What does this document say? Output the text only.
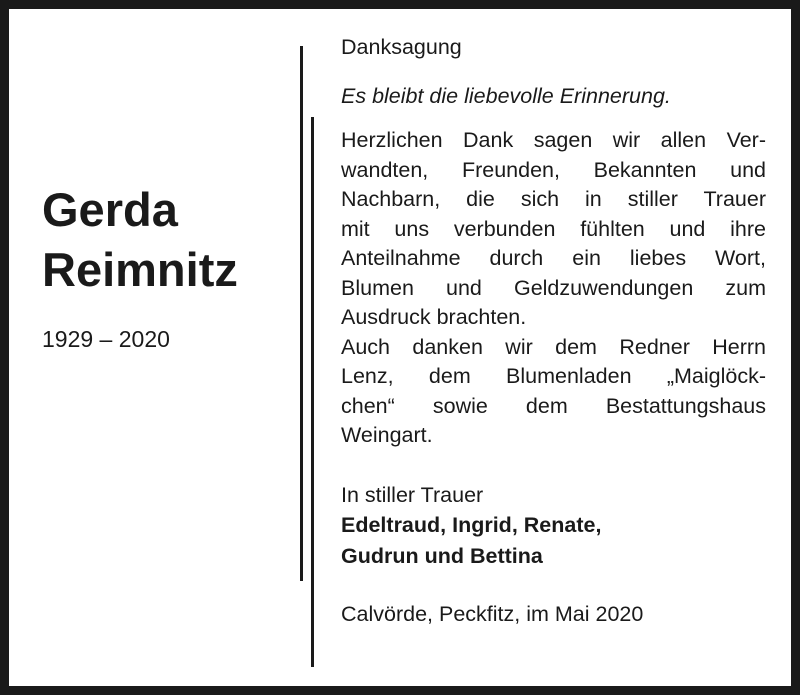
Gerda
Reimnitz
1929 – 2020
Danksagung
Es bleibt die liebevolle Erinnerung.
Herzlichen Dank sagen wir allen Ver-
wandten, Freunden, Bekannten und
Nachbarn, die sich in stiller Trauer
mit uns verbunden fühlten und ihre
Anteilnahme durch ein liebes Wort,
Blumen und Geldzuwendungen zum
Ausdruck brachten.
Auch danken wir dem Redner Herrn
Lenz, dem Blumenladen „Maiglöck-
chen“ sowie dem Bestattungshaus
Weingart.
In stiller Trauer
Edeltraud, Ingrid, Renate,
Gudrun und Bettina
Calvörde, Peckfitz, im Mai 2020
